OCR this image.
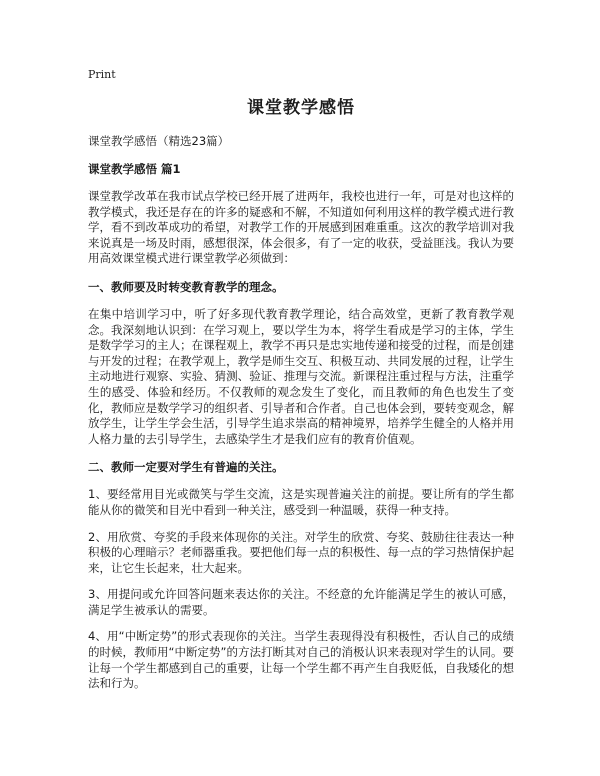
Print
课堂教学感悟
课堂教学感悟（精选23篇）
课堂教学感悟 篇1

课堂教学改革在我市试点学校已经开展了进两年，我校也进行一年，可是对也这样的教学模式，我还是存在的许多的疑惑和不解，不知道如何利用这样的教学模式进行教学，看不到改革成功的希望，对教学工作的开展感到困难重重。这次的教学培训对我来说真是一场及时雨，感想很深，体会很多，有了一定的收获，受益匪浅。我认为要用高效课堂模式进行课堂教学必须做到：

一、教师要及时转变教育教学的理念。

在集中培训学习中，听了好多现代教育教学理论，结合高效堂，更新了教育教学观念。我深刻地认识到：在学习观上，要以学生为本，将学生看成是学习的主体，学生是数学学习的主人；在课程观上，教学不再只是忠实地传递和接受的过程，而是创建与开发的过程；在教学观上，教学是师生交互、积极互动、共同发展的过程，让学生主动地进行观察、实验、猜测、验证、推理与交流。新课程注重过程与方法，注重学生的感受、体验和经历。不仅教师的观念发生了变化，而且教师的角色也发生了变化，教师应是数学学习的组织者、引导者和合作者。自己也体会到，要转变观念，解放学生，让学生学会生活，引导学生追求崇高的精神境界，培养学生健全的人格并用人格力量的去引导学生，去感染学生才是我们应有的教育价值观。

二、教师一定要对学生有普遍的关注。

1、要经常用目光或微笑与学生交流，这是实现普遍关注的前提。要让所有的学生都能从你的微笑和目光中看到一种关注，感受到一种温暖，获得一种支持。

2、用欣赏、夸奖的手段来体现你的关注。对学生的欣赏、夸奖、鼓励往往表达一种积极的心理暗示？老师器重我。要把他们每一点的积极性、每一点的学习热情保护起来，让它生长起来，壮大起来。

3、用提问或允许回答问题来表达你的关注。不经意的允许能满足学生的被认可感，满足学生被承认的需要。

4、用“中断定势”的形式表现你的关注。当学生表现得没有积极性，否认自己的成绩的时候，教师用“中断定势”的方法打断其对自己的消极认识来表现对学生的认同。要让每一个学生都感到自己的重要，让每一个学生都不再产生自我贬低，自我矮化的想法和行为。
